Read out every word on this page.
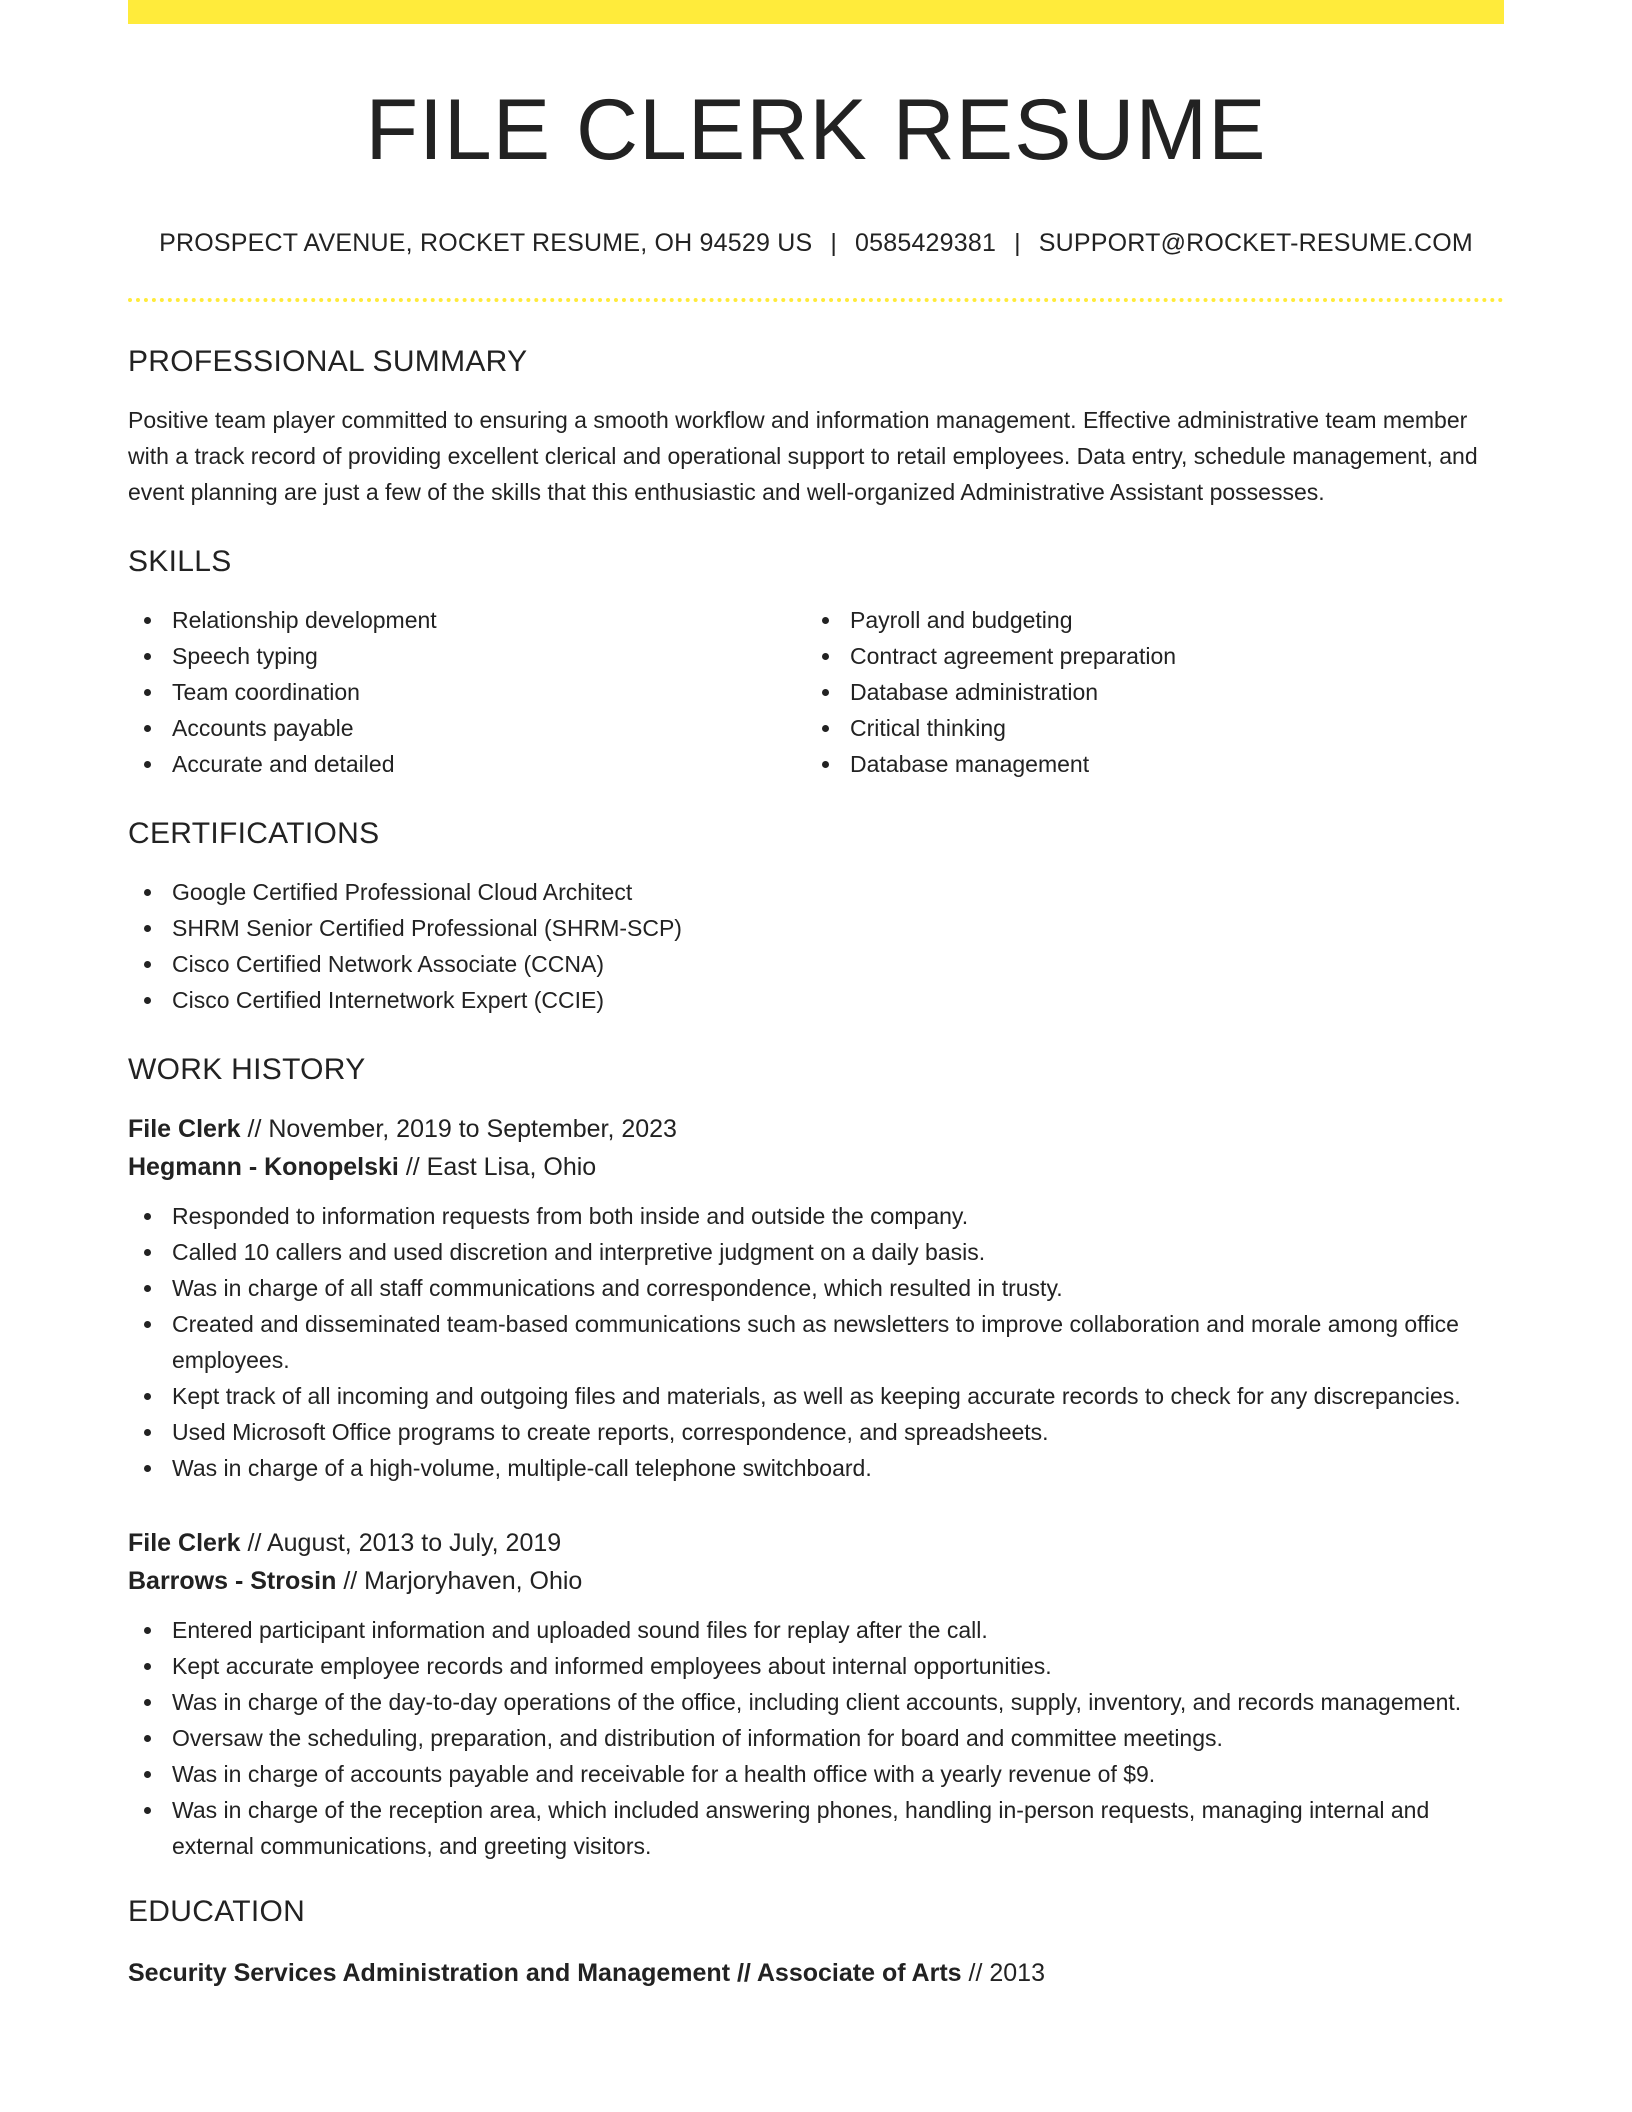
FILE CLERK RESUME
PROSPECT AVENUE, ROCKET RESUME, OH 94529 US | 0585429381 | SUPPORT@ROCKET-RESUME.COM
PROFESSIONAL SUMMARY

Positive team player committed to ensuring a smooth workflow and information management. Effective administrative team member with a track record of providing excellent clerical and operational support to retail employees. Data entry, schedule management, and event planning are just a few of the skills that this enthusiastic and well-organized Administrative Assistant possesses.

SKILLS
Relationship development
Speech typing
Team coordination
Accounts payable
Accurate and detailed
Payroll and budgeting
Contract agreement preparation
Database administration
Critical thinking
Database management
CERTIFICATIONS
Google Certified Professional Cloud Architect
SHRM Senior Certified Professional (SHRM-SCP)
Cisco Certified Network Associate (CCNA)
Cisco Certified Internetwork Expert (CCIE)
WORK HISTORY
File Clerk // November, 2019 to September, 2023
Hegmann - Konopelski // East Lisa, Ohio
Responded to information requests from both inside and outside the company.
Called 10 callers and used discretion and interpretive judgment on a daily basis.
Was in charge of all staff communications and correspondence, which resulted in trusty.
Created and disseminated team-based communications such as newsletters to improve collaboration and morale among office employees.
Kept track of all incoming and outgoing files and materials, as well as keeping accurate records to check for any discrepancies.
Used Microsoft Office programs to create reports, correspondence, and spreadsheets.
Was in charge of a high-volume, multiple-call telephone switchboard.
File Clerk // August, 2013 to July, 2019
Barrows - Strosin // Marjoryhaven, Ohio
Entered participant information and uploaded sound files for replay after the call.
Kept accurate employee records and informed employees about internal opportunities.
Was in charge of the day-to-day operations of the office, including client accounts, supply, inventory, and records management.
Oversaw the scheduling, preparation, and distribution of information for board and committee meetings.
Was in charge of accounts payable and receivable for a health office with a yearly revenue of $9.
Was in charge of the reception area, which included answering phones, handling in-person requests, managing internal and external communications, and greeting visitors.
EDUCATION
Security Services Administration and Management // Associate of Arts // 2013
